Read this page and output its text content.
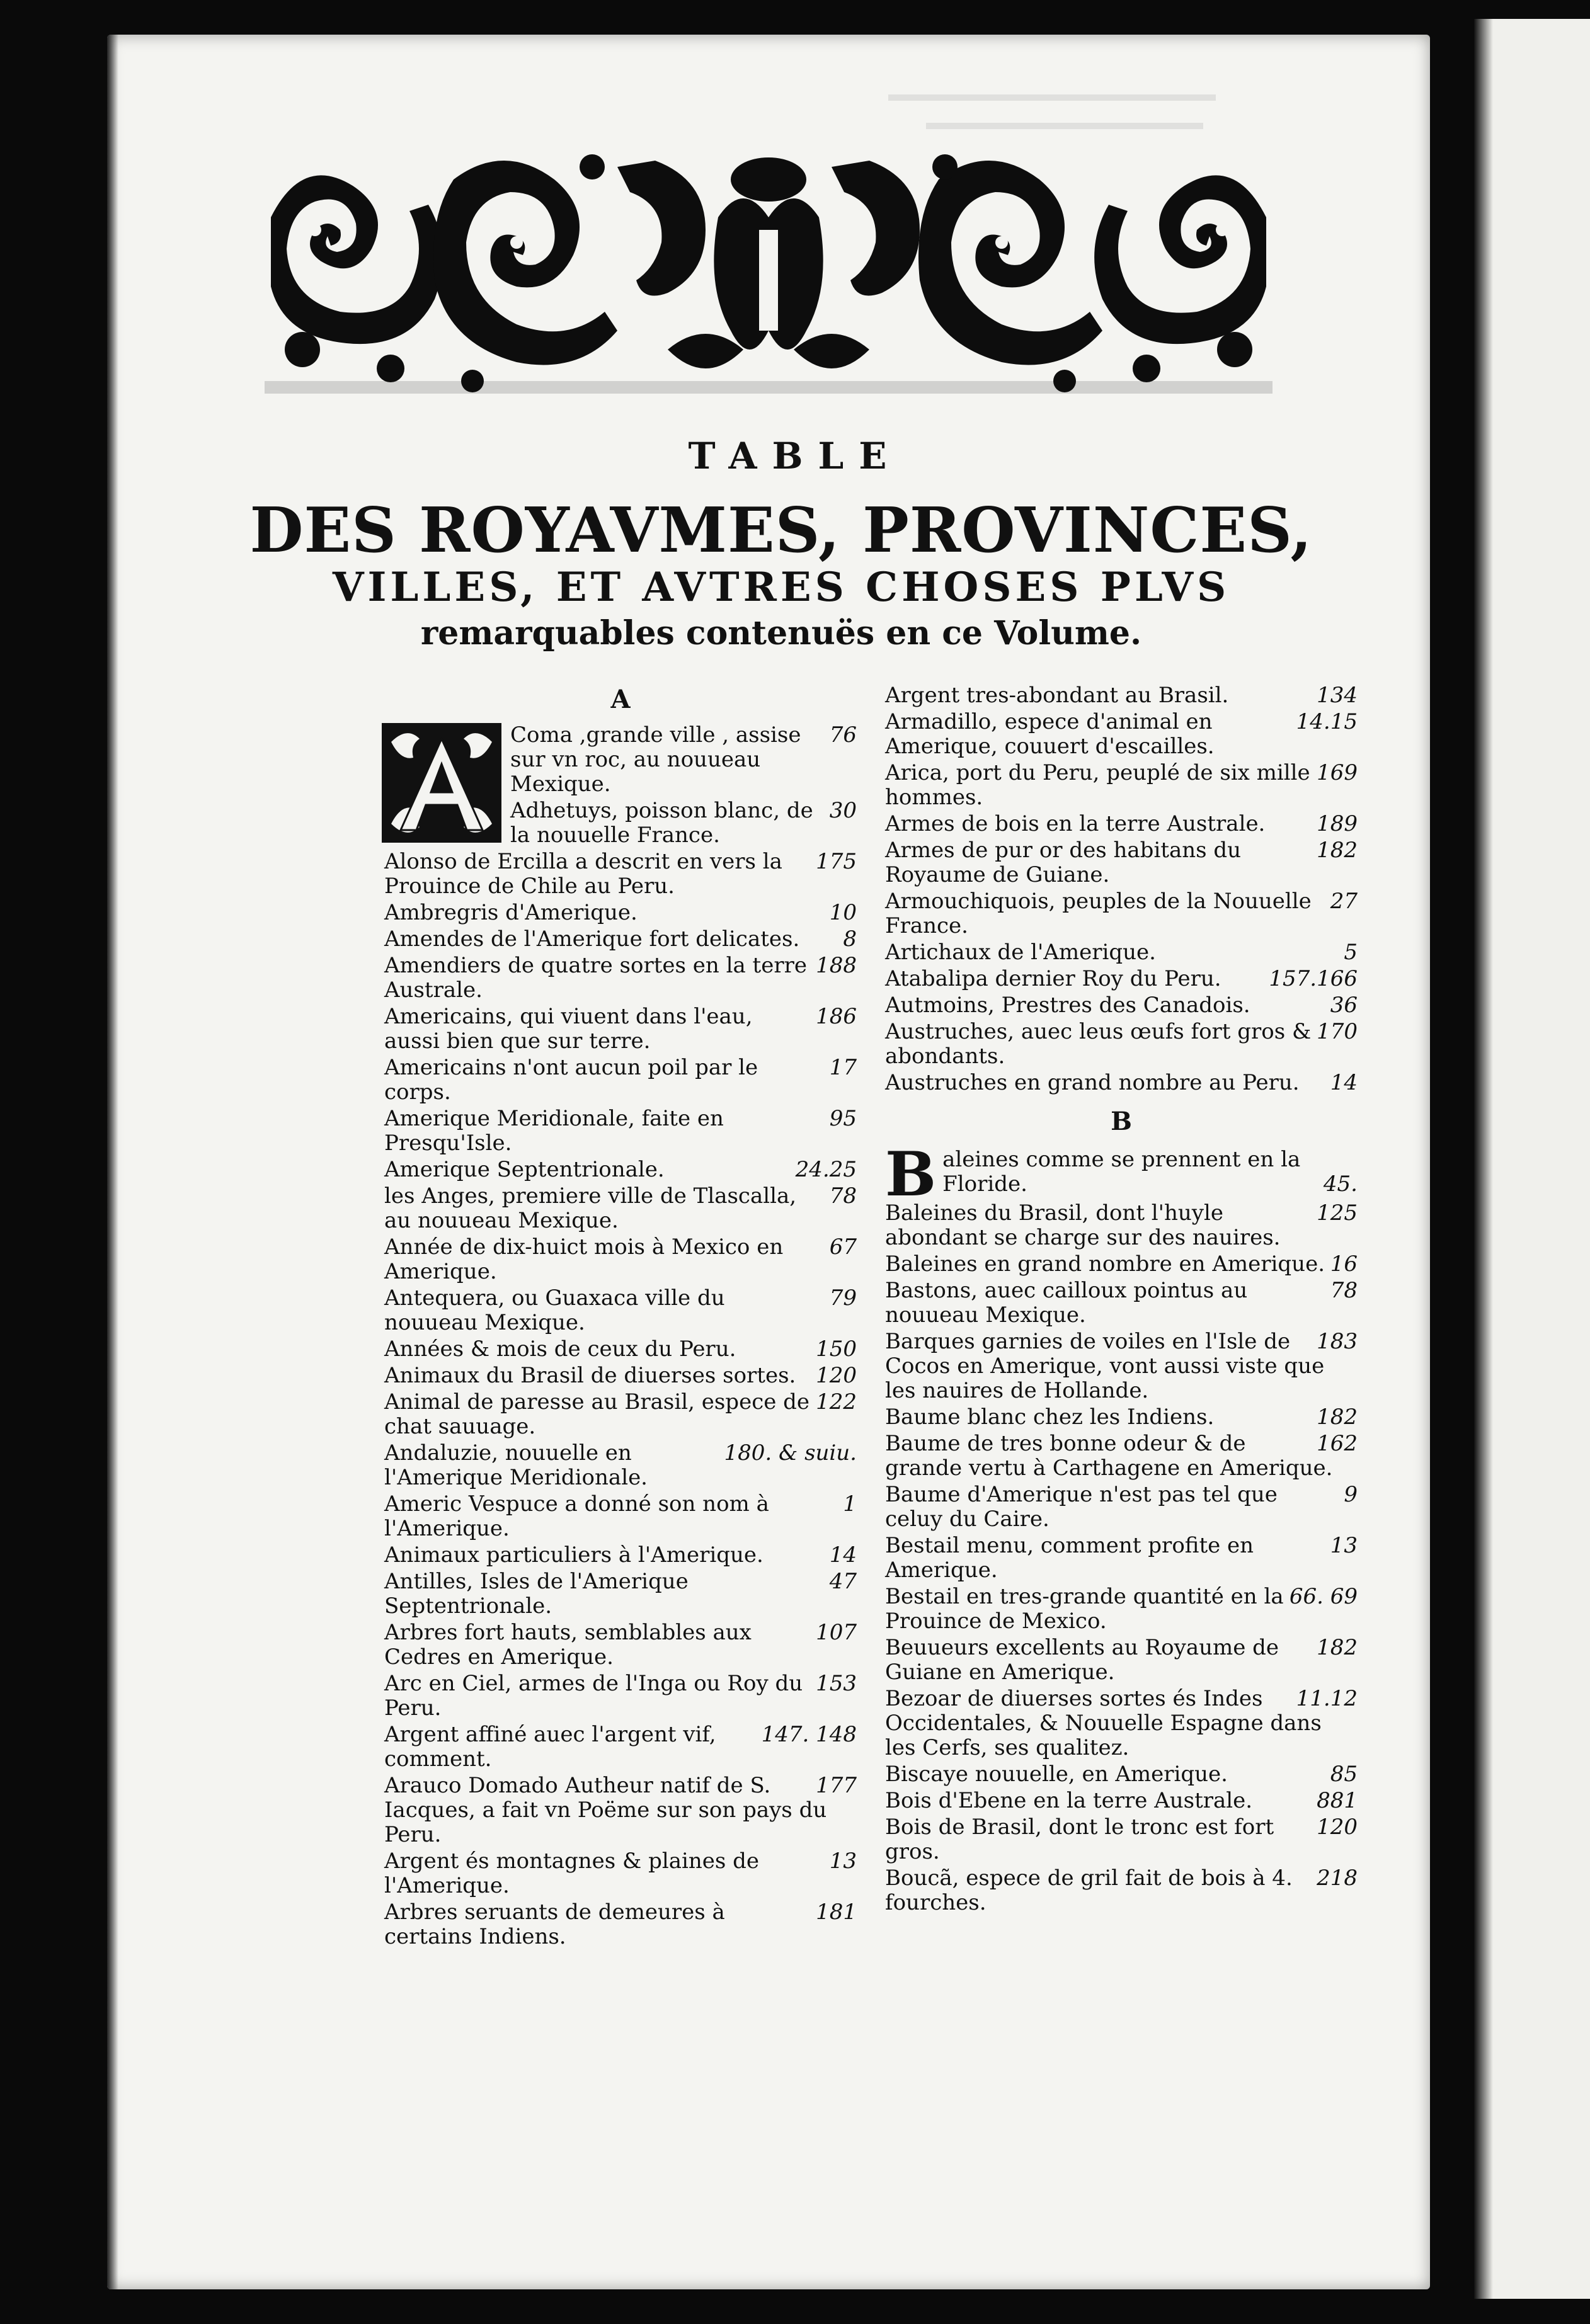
TABLE
DES ROYAVMES, PROVINCES,
VILLES, ET AVTRES CHOSES PLVS
remarquables contenuës en ce Volume.
A
76
Coma ,grande ville , assise sur vn roc, au nouueau Mexique.
30
Adhetuys, poisson blanc, de la nouuelle France.
175
Alonso de Ercilla a descrit en vers la Prouince de Chile au Peru.
10
Ambregris d'Amerique.
8
Amendes de l'Amerique fort delicates.
188
Amendiers de quatre sortes en la terre Australe.
186
Americains, qui viuent dans l'eau, aussi bien que sur terre.
17
Americains n'ont aucun poil par le corps.
95
Amerique Meridionale, faite en Presqu'Isle.
24.25
Amerique Septentrionale.
78
les Anges, premiere ville de Tlascalla, au nouueau Mexique.
67
Année de dix-huict mois à Mexico en Amerique.
79
Antequera, ou Guaxaca ville du nouueau Mexique.
150
Années & mois de ceux du Peru.
120
Animaux du Brasil de diuerses sortes.
122
Animal de paresse au Brasil, espece de chat sauuage.
180. & suiu.
Andaluzie, nouuelle en l'Amerique Meridionale.
1
Americ Vespuce a donné son nom à l'Amerique.
14
Animaux particuliers à l'Amerique.
47
Antilles, Isles de l'Amerique Septentrionale.
107
Arbres fort hauts, semblables aux Cedres en Amerique.
153
Arc en Ciel, armes de l'Inga ou Roy du Peru.
147. 148
Argent affiné auec l'argent vif, comment.
177
Arauco Domado Autheur natif de S. Iacques, a fait vn Poëme sur son pays du Peru.
13
Argent és montagnes & plaines de l'Amerique.
181
Arbres seruants de demeures à certains Indiens.
134
Argent tres-abondant au Brasil.
14.15
Armadillo, espece d'animal en Amerique, couuert d'escailles.
169
Arica, port du Peru, peuplé de six mille hommes.
189
Armes de bois en la terre Australe.
182
Armes de pur or des habitans du Royaume de Guiane.
27
Armouchiquois, peuples de la Nouuelle France.
5
Artichaux de l'Amerique.
157.166
Atabalipa dernier Roy du Peru.
36
Autmoins, Prestres des Canadois.
170
Austruches, auec leus œufs fort gros & abondants.
14
Austruches en grand nombre au Peru.
B
B aleines comme se prennent en la Floride.	45.
125
Baleines du Brasil, dont l'huyle abondant se charge sur des nauires.
16
Baleines en grand nombre en Amerique.
78
Bastons, auec cailloux pointus au nouueau Mexique.
183
Barques garnies de voiles en l'Isle de Cocos en Amerique, vont aussi viste que les nauires de Hollande.
182
Baume blanc chez les Indiens.
162
Baume de tres bonne odeur & de grande vertu à Carthagene en Amerique.
9
Baume d'Amerique n'est pas tel que celuy du Caire.
13
Bestail menu, comment profite en Amerique.
66. 69
Bestail en tres-grande quantité en la Prouince de Mexico.
182
Beuueurs excellents au Royaume de Guiane en Amerique.
11.12
Bezoar de diuerses sortes és Indes Occidentales, & Nouuelle Espagne dans les Cerfs, ses qualitez.
85
Biscaye nouuelle, en Amerique.
881
Bois d'Ebene en la terre Australe.
120
Bois de Brasil, dont le tronc est fort gros.
218
Boucã, espece de gril fait de bois à 4. fourches.
